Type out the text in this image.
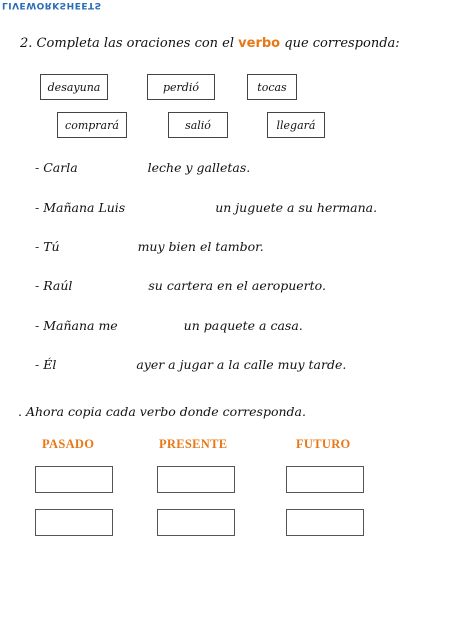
LIVEWORKSHEETS
2. Completa las oraciones con el verbo que corresponda:
desayuna	perdió	tocas
comprará	salió	llegará
- Carla	leche y galletas.
- Mañana Luis	un juguete a su hermana.
- Tú	muy bien el tambor.
- Raúl	su cartera en el aeropuerto.
- Mañana me	un paquete a casa.
- Él	ayer a jugar a la calle muy tarde.
. Ahora copia cada verbo donde corresponda.
PASADO	PRESENTE	FUTURO
